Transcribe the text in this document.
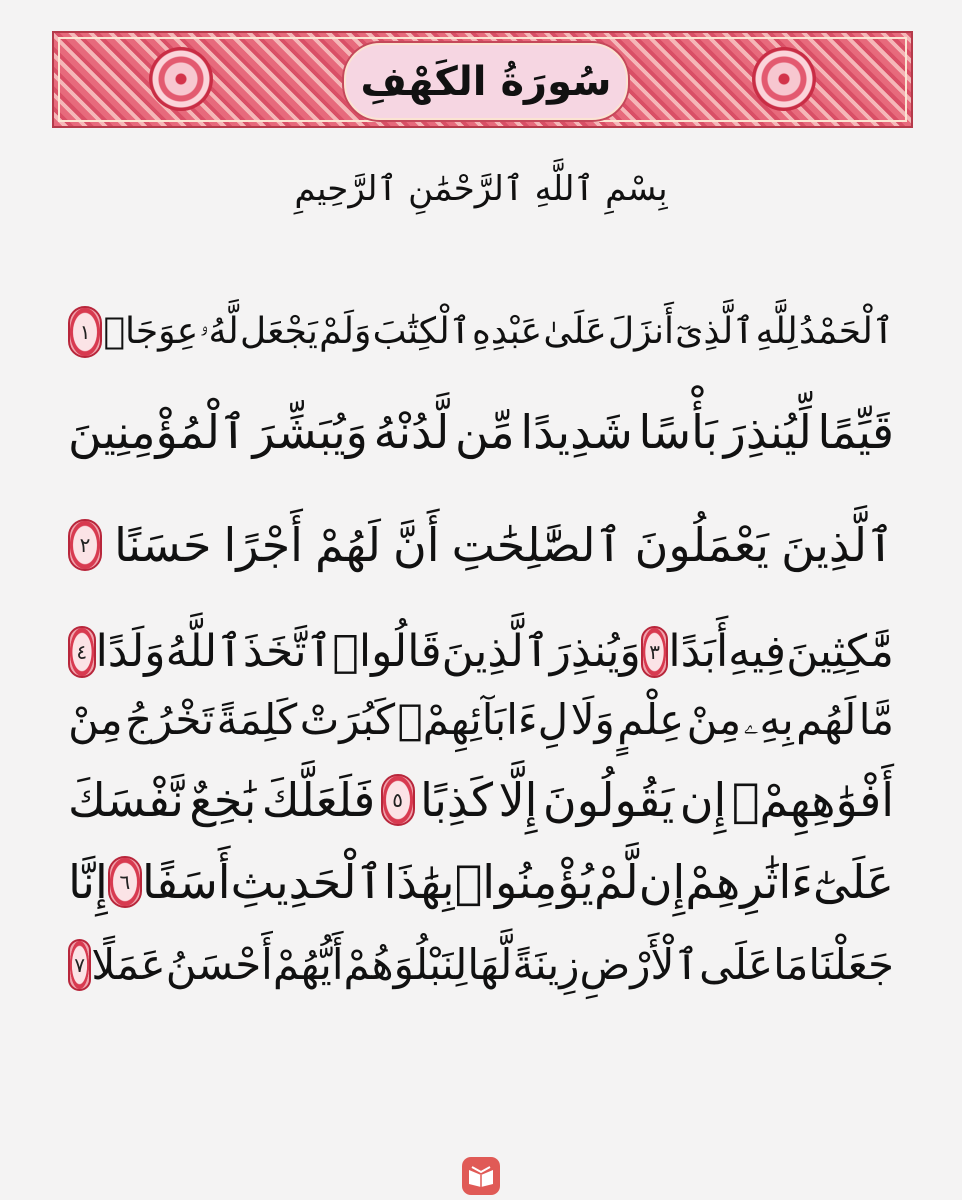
سُورَةُ الكَهْفِ
بِسْمِ ٱللَّهِ ٱلرَّحْمَٰنِ ٱلرَّحِيمِ
ٱلْحَمْدُ
لِلَّهِ
ٱلَّذِىٓ
أَنزَلَ
عَلَىٰ
عَبْدِهِ
ٱلْكِتَٰبَ
وَلَمْ
يَجْعَل
لَّهُۥ
عِوَجَاۜ
١
قَيِّمًا
لِّيُنذِرَ
بَأْسًا
شَدِيدًا
مِّن
لَّدُنْهُ
وَيُبَشِّرَ
ٱلْمُؤْمِنِينَ
ٱلَّذِينَ
يَعْمَلُونَ
ٱلصَّٰلِحَٰتِ
أَنَّ
لَهُمْ
أَجْرًا
حَسَنًا
٢
مَّٰكِثِينَ
فِيهِ
أَبَدًا
٣
وَيُنذِرَ
ٱلَّذِينَ
قَالُوا۟
ٱتَّخَذَ
ٱللَّهُ
وَلَدًا
٤
مَّا
لَهُم
بِهِۦ
مِنْ
عِلْمٍ
وَلَا
لِءَابَآئِهِمْۚ
كَبُرَتْ
كَلِمَةً
تَخْرُجُ
مِنْ
أَفْوَٰهِهِمْۚ
إِن
يَقُولُونَ
إِلَّا
كَذِبًا
٥
فَلَعَلَّكَ
بَٰخِعٌ
نَّفْسَكَ
عَلَىٰٓ
ءَاثَٰرِهِمْ
إِن
لَّمْ
يُؤْمِنُوا۟
بِهَٰذَا
ٱلْحَدِيثِ
أَسَفًا
٦
إِنَّا
جَعَلْنَا
مَا
عَلَى
ٱلْأَرْضِ
زِينَةً
لَّهَا
لِنَبْلُوَهُمْ
أَيُّهُمْ
أَحْسَنُ
عَمَلًا
٧
